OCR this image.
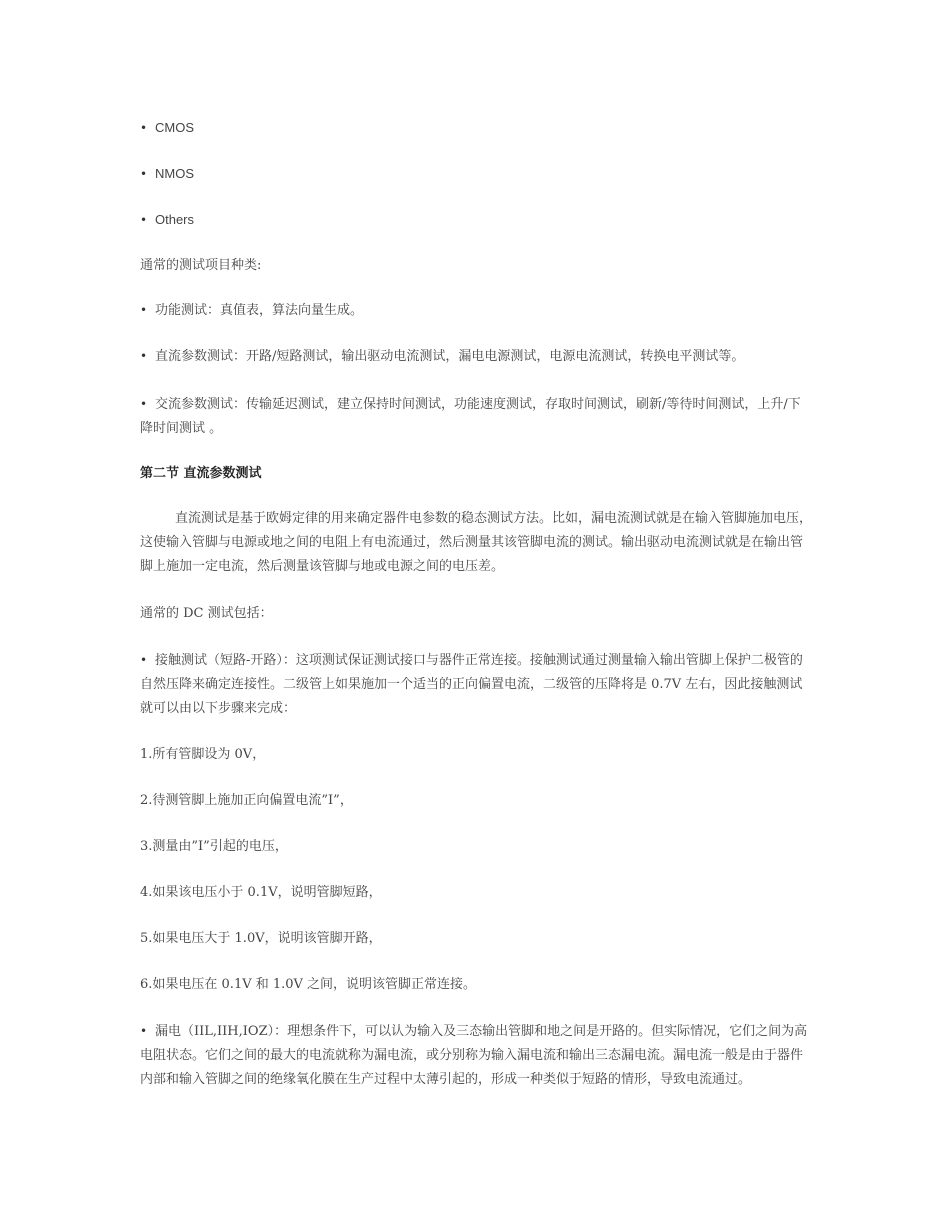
• CMOS
• NMOS
• Others

通常的测试项目种类:

• 功能测试：真值表，算法向量生成。
• 直流参数测试：开路/短路测试，输出驱动电流测试，漏电电源测试，电源电流测试，转换电平测试等。
• 交流参数测试：传输延迟测试，建立保持时间测试，功能速度测试，存取时间测试，刷新/等待时间测试，上升/下降时间测试 。

第二节 直流参数测试

直流测试是基于欧姆定律的用来确定器件电参数的稳态测试方法。比如，漏电流测试就是在输入管脚施加电压，这使输入管脚与电源或地之间的电阻上有电流通过，然后测量其该管脚电流的测试。输出驱动电流测试就是在输出管脚上施加一定电流，然后测量该管脚与地或电源之间的电压差。

通常的 DC 测试包括：

• 接触测试（短路-开路）：这项测试保证测试接口与器件正常连接。接触测试通过测量输入输出管脚上保护二极管的自然压降来确定连接性。二级管上如果施加一个适当的正向偏置电流，二级管的压降将是 0.7V 左右，因此接触测试就可以由以下步骤来完成：

1.所有管脚设为 0V，

2.待测管脚上施加正向偏置电流”I”，

3.测量由”I”引起的电压，

4.如果该电压小于 0.1V，说明管脚短路，

5.如果电压大于 1.0V，说明该管脚开路，

6.如果电压在 0.1V 和 1.0V 之间，说明该管脚正常连接。

• 漏电（IIL,IIH,IOZ）：理想条件下，可以认为输入及三态输出管脚和地之间是开路的。但实际情况，它们之间为高电阻状态。它们之间的最大的电流就称为漏电流，或分别称为输入漏电流和输出三态漏电流。漏电流一般是由于器件内部和输入管脚之间的绝缘氧化膜在生产过程中太薄引起的，形成一种类似于短路的情形，导致电流通过。
